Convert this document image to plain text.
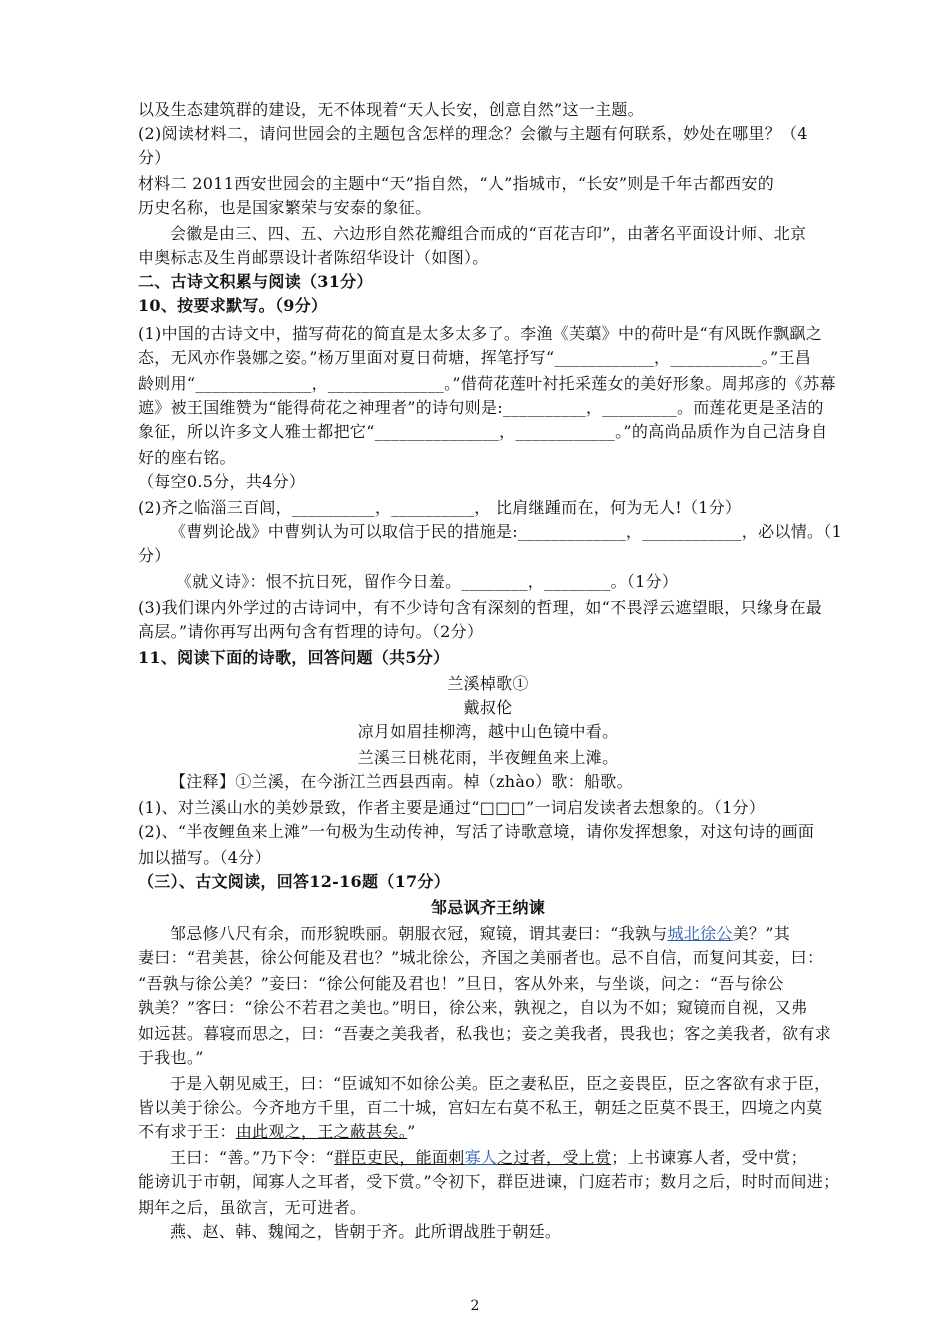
以及生态建筑群的建设，无不体现着“天人长安，创意自然”这一主题。
(2)阅读材料二，请问世园会的主题包含怎样的理念？会徽与主题有何联系，妙处在哪里？（4
分）
材料二 2011西安世园会的主题中“天”指自然，“人”指城市，“长安”则是千年古都西安的
历史名称，也是国家繁荣与安泰的象征。
会徽是由三、四、五、六边形自然花瓣组合而成的“百花吉印”，由著名平面设计师、北京
申奥标志及生肖邮票设计者陈绍华设计（如图）。
二、古诗文积累与阅读（31分）
10、按要求默写。（9分）
(1)中国的古诗文中，描写荷花的简直是太多太多了。李渔《芙蕖》中的荷叶是“有风既作飘飖之
态，无风亦作袅娜之姿。”杨万里面对夏日荷塘，挥笔抒写“____________，___________。”王昌
龄则用“______________，______________。”借荷花莲叶衬托采莲女的美好形象。周邦彦的《苏幕
遮》被王国维赞为“能得荷花之神理者”的诗句则是:__________，_________。而莲花更是圣洁的
象征，所以许多文人雅士都把它“_______________，____________。”的高尚品质作为自己洁身自
好的座右铭。
（每空0.5分，共4分）
(2)齐之临淄三百闾，__________，__________， 比肩继踵而在，何为无人!（1分）
《曹刿论战》中曹刿认为可以取信于民的措施是:_____________，____________，必以情。（1
分）
《就义诗》：恨不抗日死，留作今日羞。________，________。（1分）
(3)我们课内外学过的古诗词中，有不少诗句含有深刻的哲理，如“不畏浮云遮望眼，只缘身在最
高层。”请你再写出两句含有哲理的诗句。（2分）
11、阅读下面的诗歌，回答问题（共5分）
兰溪棹歌①
戴叔伦
凉月如眉挂柳湾，越中山色镜中看。
兰溪三日桃花雨，半夜鲤鱼来上滩。
【注释】①兰溪，在今浙江兰西县西南。棹（zhào）歌：船歌。
(1)、对兰溪山水的美妙景致，作者主要是通过“□□□”一词启发读者去想象的。（1分）
(2)、“半夜鲤鱼来上滩”一句极为生动传神，写活了诗歌意境，请你发挥想象，对这句诗的画面
加以描写。（4分）
（三）、古文阅读，回答12-16题（17分）
邹忌讽齐王纳谏
邹忌修八尺有余，而形貌昳丽。朝服衣冠，窥镜，谓其妻曰：“我孰与城北徐公美？”其
妻曰：“君美甚，徐公何能及君也？”城北徐公，齐国之美丽者也。忌不自信，而复问其妾，曰：
“吾孰与徐公美？”妾曰：“徐公何能及君也！”旦日，客从外来，与坐谈，问之：“吾与徐公
孰美？”客曰：“徐公不若君之美也。”明日，徐公来，孰视之，自以为不如；窥镜而自视，又弗
如远甚。暮寝而思之，曰：“吾妻之美我者，私我也；妾之美我者，畏我也；客之美我者，欲有求
于我也。”
于是入朝见威王，曰：“臣诚知不如徐公美。臣之妻私臣，臣之妾畏臣，臣之客欲有求于臣，
皆以美于徐公。今齐地方千里，百二十城，宫妇左右莫不私王，朝廷之臣莫不畏王，四境之内莫
不有求于王：由此观之，王之蔽甚矣。”
王曰：“善。”乃下令：“群臣吏民，能面刺寡人之过者，受上赏；上书谏寡人者，受中赏；
能谤讥于市朝，闻寡人之耳者，受下赏。”令初下，群臣进谏，门庭若市；数月之后，时时而间进；
期年之后，虽欲言，无可进者。
燕、赵、韩、魏闻之，皆朝于齐。此所谓战胜于朝廷。
2
